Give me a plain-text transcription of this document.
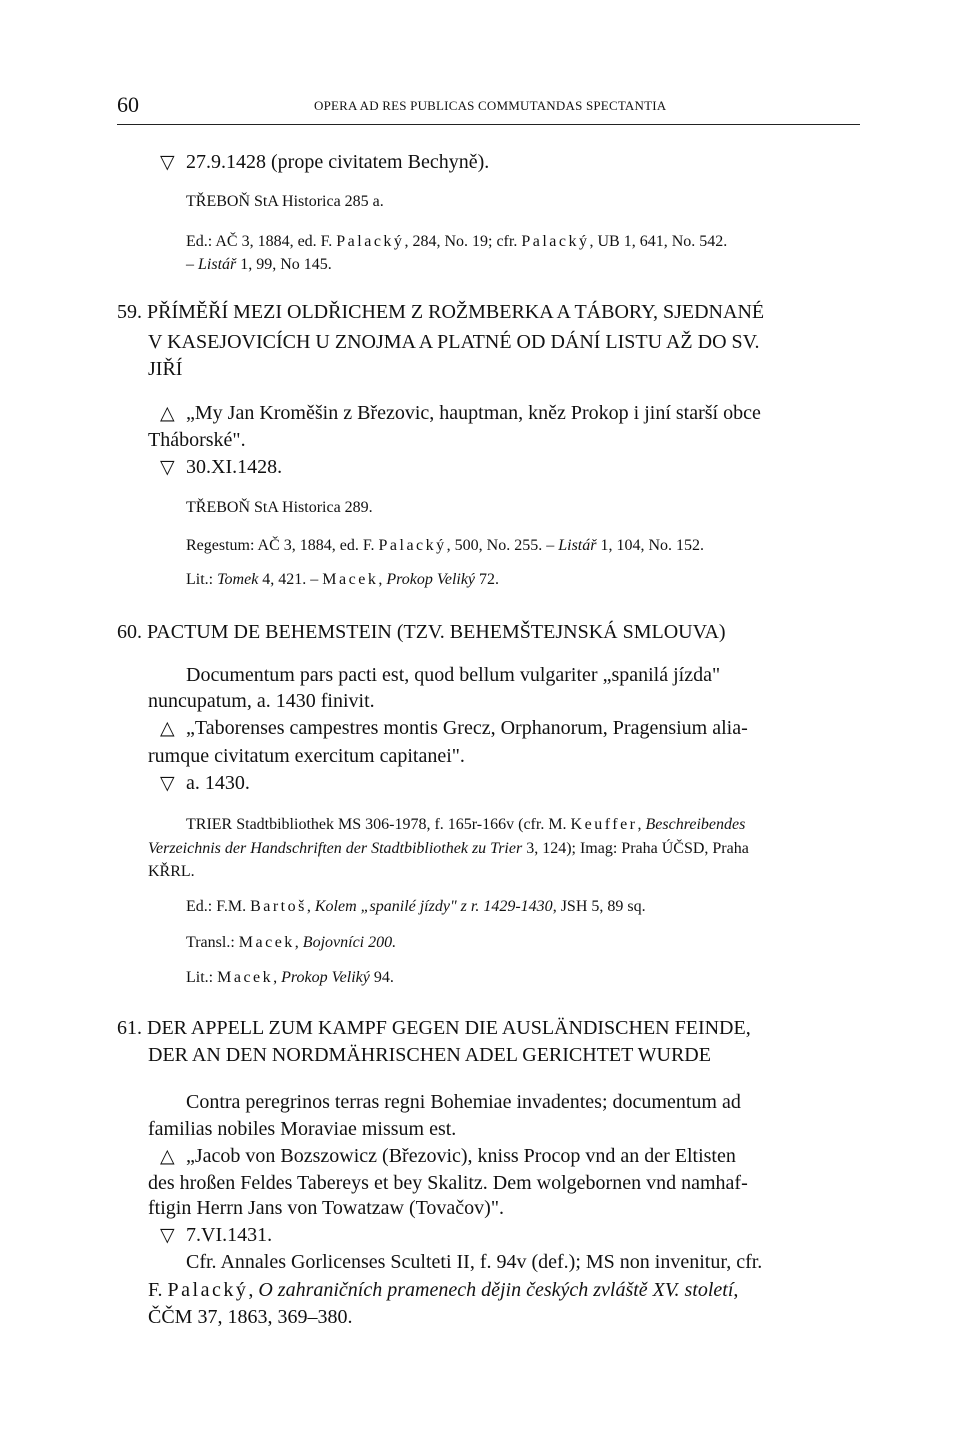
60	OPERA AD RES PUBLICAS COMMUTANDAS SPECTANTIA
▽ 27.9.1428 (prope civitatem Bechyně).
TŘEBOŇ StA Historica 285 a.
Ed.: AČ 3, 1884, ed. F. Palacký, 284, No. 19; cfr. Palacký, UB 1, 641, No. 542.
– Listář 1, 99, No 145.
59. PŘÍMĚŘÍ MEZI OLDŘICHEM Z ROŽMBERKA A TÁBORY, SJEDNANÉ
V KASEJOVICÍCH U ZNOJMA A PLATNÉ OD DÁNÍ LISTU AŽ DO SV.
JIŘÍ
△ „My Jan Kroměšin z Březovic, hauptman, kněz Prokop i jiní starší obce
Tháborské".
▽ 30.XI.1428.
TŘEBOŇ StA Historica 289.
Regestum: AČ 3, 1884, ed. F. Palacký, 500, No. 255. – Listář 1, 104, No. 152.
Lit.: Tomek 4, 421. – Macek, Prokop Veliký 72.
60. PACTUM DE BEHEMSTEIN (TZV. BEHEMŠTEJNSKÁ SMLOUVA)
Documentum pars pacti est, quod bellum vulgariter „spanilá jízda"
nuncupatum, a. 1430 finivit.
△ „Taborenses campestres montis Grecz, Orphanorum, Pragensium alia-
rumque civitatum exercitum capitanei".
▽ a. 1430.
TRIER Stadtbibliothek MS 306-1978, f. 165r-166v (cfr. M. Keuffer, Beschreibendes
Verzeichnis der Handschriften der Stadtbibliothek zu Trier 3, 124); Imag: Praha ÚČSD, Praha
KŘRL.
Ed.: F.M. Bartoš, Kolem „spanilé jízdy" z r. 1429-1430, JSH 5, 89 sq.
Transl.: Macek, Bojovníci 200.
Lit.: Macek, Prokop Veliký 94.
61. DER APPELL ZUM KAMPF GEGEN DIE AUSLÄNDISCHEN FEINDE,
DER AN DEN NORDMÄHRISCHEN ADEL GERICHTET WURDE
Contra peregrinos terras regni Bohemiae invadentes; documentum ad
familias nobiles Moraviae missum est.
△ „Jacob von Bozszowicz (Březovic), kniss Procop vnd an der Eltisten
des hroßen Feldes Tabereys et bey Skalitz. Dem wolgebornen vnd namhaf-
ftigin Herrn Jans von Towatzaw (Tovačov)".
▽ 7.VI.1431.
Cfr. Annales Gorlicenses Sculteti II, f. 94v (def.); MS non invenitur, cfr.
F. Palacký, O zahraničních pramenech dějin českých zvláště XV. století,
ČČM 37, 1863, 369–380.
